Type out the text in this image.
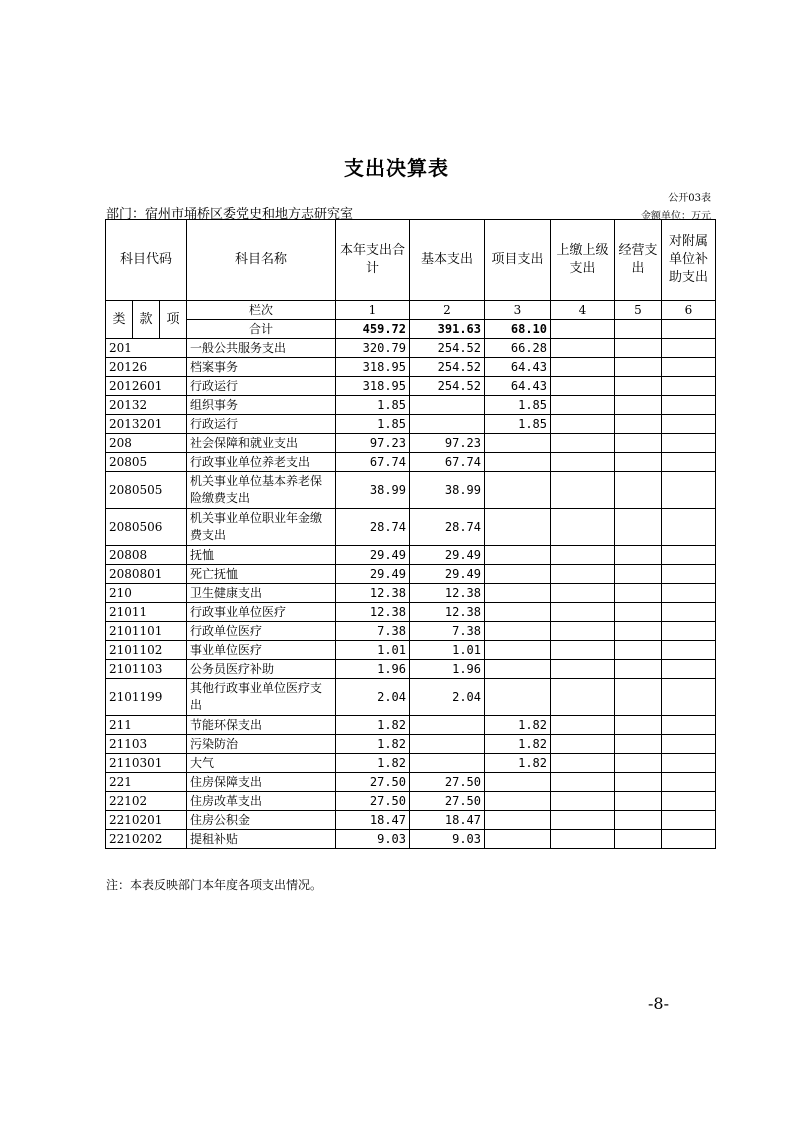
支出决算表
公开03表
部门：宿州市埇桥区委党史和地方志研究室	金额单位：万元
科目代码			科目名称	本年支出合计	基本支出	项目支出	上缴上级支出	经营支出	对附属单位补助支出
类	款	项	栏次	1	2	3	4	5	6
			合计	459.72	391.63	68.10			
201			一般公共服务支出	320.79	254.52	66.28			
20126			档案事务	318.95	254.52	64.43			
2012601			行政运行	318.95	254.52	64.43			
20132			组织事务	1.85		1.85			
2013201			行政运行	1.85		1.85			
208			社会保障和就业支出	97.23	97.23				
20805			行政事业单位养老支出	67.74	67.74				
2080505			机关事业单位基本养老保险缴费支出	38.99	38.99				
2080506			机关事业单位职业年金缴费支出	28.74	28.74				
20808			抚恤	29.49	29.49				
2080801			死亡抚恤	29.49	29.49				
210			卫生健康支出	12.38	12.38				
21011			行政事业单位医疗	12.38	12.38				
2101101			行政单位医疗	7.38	7.38				
2101102			事业单位医疗	1.01	1.01				
2101103			公务员医疗补助	1.96	1.96				
2101199			其他行政事业单位医疗支出	2.04	2.04				
211			节能环保支出	1.82		1.82			
21103			污染防治	1.82		1.82			
2110301			大气	1.82		1.82			
221			住房保障支出	27.50	27.50				
22102			住房改革支出	27.50	27.50				
2210201			住房公积金	18.47	18.47				
2210202			提租补贴	9.03	9.03				
注：本表反映部门本年度各项支出情况。
-8-
